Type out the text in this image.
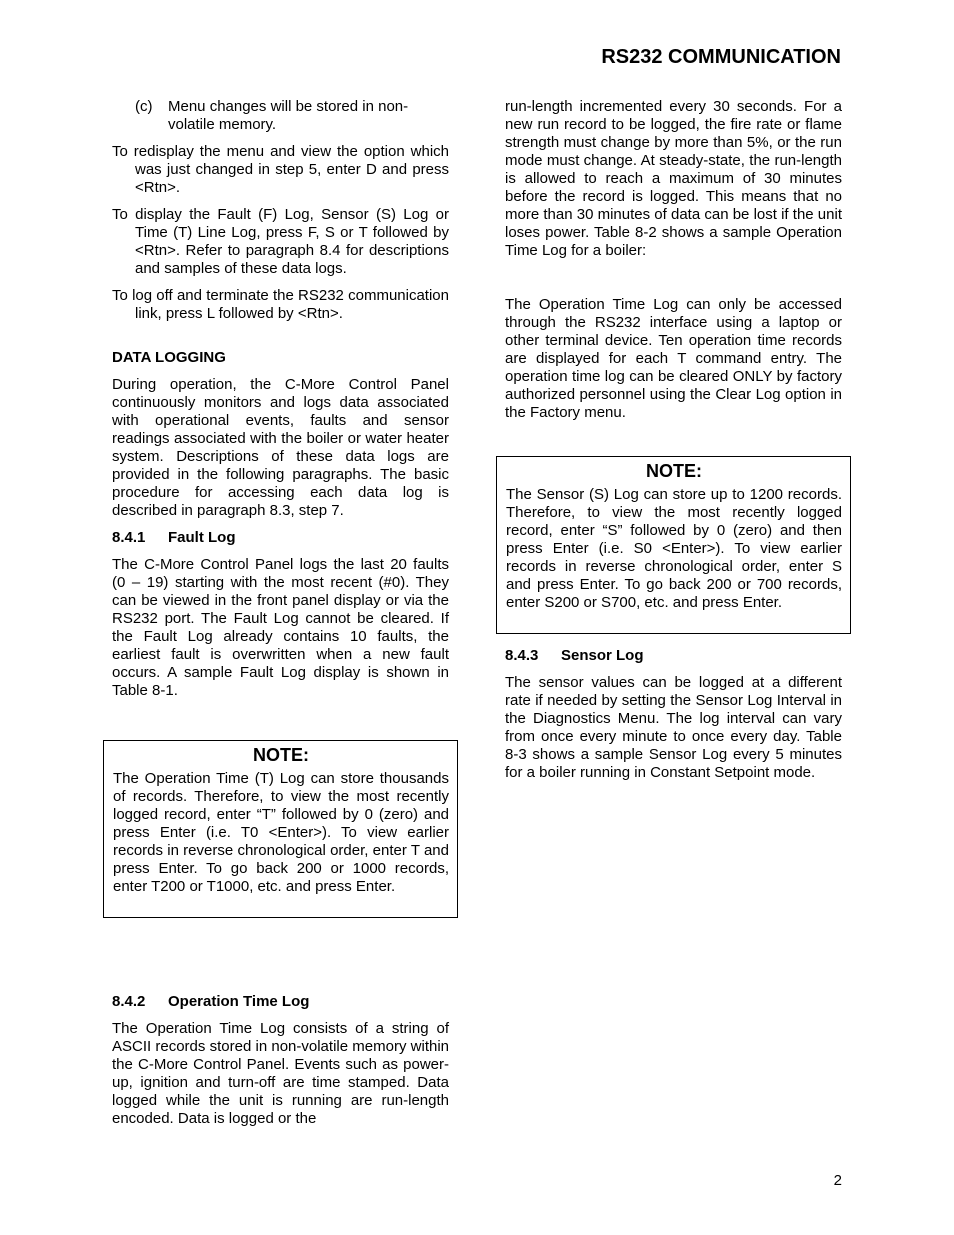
RS232 COMMUNICATION

(c) Menu changes will be stored in non-volatile memory.

To redisplay the menu and view the option which was just changed in step 5, enter D and press <Rtn>.

To display the Fault (F) Log, Sensor (S) Log or Time (T) Line Log, press F, S or T followed by <Rtn>. Refer to paragraph 8.4 for descriptions and samples of these data logs.

To log off and terminate the RS232 communication link, press L followed by <Rtn>.

DATA LOGGING

During operation, the C-More Control Panel continuously monitors and logs data associated with operational events, faults and sensor readings associated with the boiler or water heater system. Descriptions of these data logs are provided in the following paragraphs. The basic procedure for accessing each data log is described in paragraph 8.3, step 7.

8.4.1 Fault Log

The C-More Control Panel logs the last 20 faults (0 – 19) starting with the most recent (#0). They can be viewed in the front panel display or via the RS232 port. The Fault Log cannot be cleared. If the Fault Log already contains 10 faults, the earliest fault is overwritten when a new fault occurs. A sample Fault Log display is shown in Table 8-1.

NOTE:

The Operation Time (T) Log can store thousands of records. Therefore, to view the most recently logged record, enter “T” followed by 0 (zero) and press Enter (i.e. T0 <Enter>). To view earlier records in reverse chronological order, enter T and press Enter. To go back 200 or 1000 records, enter T200 or T1000, etc. and press Enter.

8.4.2 Operation Time Log

The Operation Time Log consists of a string of ASCII records stored in non-volatile memory within the C-More Control Panel. Events such as power-up, ignition and turn-off are time stamped. Data logged while the unit is running are run-length encoded. Data is logged or the

run-length incremented every 30 seconds. For a new run record to be logged, the fire rate or flame strength must change by more than 5%, or the run mode must change. At steady-state, the run-length is allowed to reach a maximum of 30 minutes before the record is logged. This means that no more than 30 minutes of data can be lost if the unit loses power. Table 8-2 shows a sample Operation Time Log for a boiler:

The Operation Time Log can only be accessed through the RS232 interface using a laptop or other terminal device. Ten operation time records are displayed for each T command entry. The operation time log can be cleared ONLY by factory authorized personnel using the Clear Log option in the Factory menu.

NOTE:

The Sensor (S) Log can store up to 1200 records. Therefore, to view the most recently logged record, enter “S” followed by 0 (zero) and then press Enter (i.e. S0 <Enter>). To view earlier records in reverse chronological order, enter S and press Enter. To go back 200 or 700 records, enter S200 or S700, etc. and press Enter.

8.4.3 Sensor Log

The sensor values can be logged at a different rate if needed by setting the Sensor Log Interval in the Diagnostics Menu. The log interval can vary from once every minute to once every day. Table 8-3 shows a sample Sensor Log every 5 minutes for a boiler running in Constant Setpoint mode.

2
